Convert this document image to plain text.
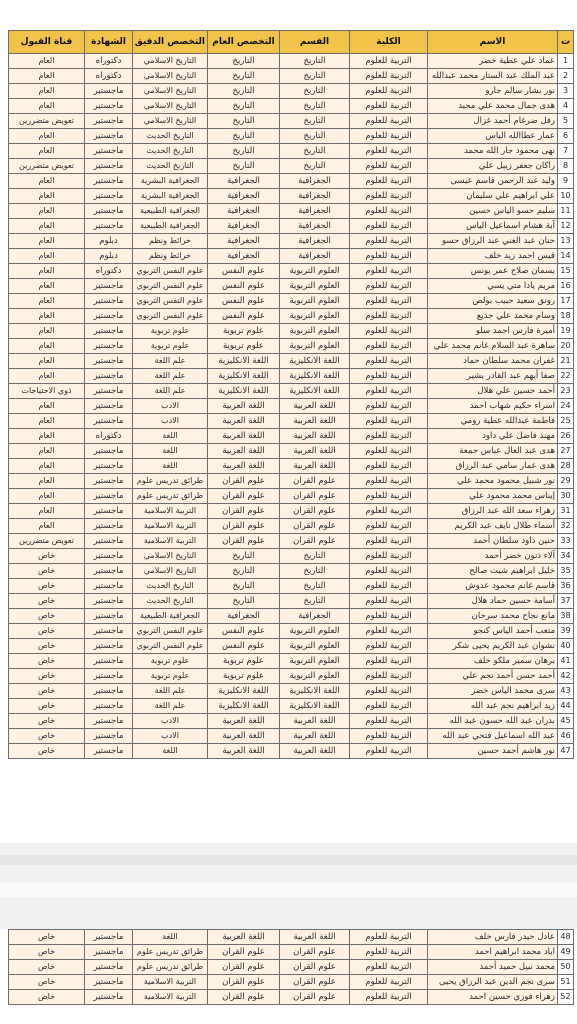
ت	الاسم	الكلية	القسم	التخصص العام	التخصص الدقيق	الشهادة	قناة القبول
1	عماد علي عطية خضر	التربية للعلوم	التاريخ	التاريخ	التاريخ الاسلامي	دكتوراه	العام
2	عبد الملك عبد الستار محمد عبدالله	التربية للعلوم	التاريخ	التاريخ	التاريخ الاسلامي	دكتوراه	العام
3	نور بشار سالم جارو	التربية للعلوم	التاريخ	التاريخ	التاريخ الاسلامي	ماجستير	العام
4	هدى جمال محمد علي مجيد	التربية للعلوم	التاريخ	التاريخ	التاريخ الاسلامي	ماجستير	العام
5	رفل ضرغام أحمد غزال	التربية للعلوم	التاريخ	التاريخ	التاريخ الاسلامي	ماجستير	تعويض متضررين
6	عمار عطاالله الياس	التربية للعلوم	التاريخ	التاريخ	التاريخ الحديث	ماجستير	العام
7	نهى محمود جار الله محمد	التربية للعلوم	التاريخ	التاريخ	التاريخ الحديث	ماجستير	العام
8	راكان جعفر زبيل علي	التربية للعلوم	التاريخ	التاريخ	التاريخ الحديث	ماجستير	تعويض متضررين
9	وليد عبد الرحمن قاسم عيسى	التربية للعلوم	الجغرافية	الجغرافية	الجغرافية البشرية	ماجستير	العام
10	علي ابراهيم علي سليمان	التربية للعلوم	الجغرافية	الجغرافية	الجغرافية البشرية	ماجستير	العام
11	سليم حسو الياس حسين	التربية للعلوم	الجغرافية	الجغرافية	الجغرافية الطبيعية	ماجستير	العام
12	آية هشام اسماعيل الياس	التربية للعلوم	الجغرافية	الجغرافية	الجغرافية الطبيعية	ماجستير	العام
13	حنان عبد الغني عبد الرزاق حسو	التربية للعلوم	الجغرافية	الجغرافية	خرائط ونظم	دبلوم	العام
14	قيس احمد زيد خلف	التربية للعلوم	الجغرافية	الجغرافية	خرائط ونظم	دبلوم	العام
15	بسمان صلاح عمر يونس	التربية للعلوم	العلوم التربوية	علوم النفس	علوم النفس التربوي	دكتوراه	العام
16	مريم يادا متي يسي	التربية للعلوم	العلوم التربوية	علوم النفس	علوم النفس التربوي	ماجستير	العام
17	رونق سعيد حبيب بولص	التربية للعلوم	العلوم التربوية	علوم النفس	علوم النفس التربوي	ماجستير	العام
18	وسام محمد علي جديع	التربية للعلوم	العلوم التربوية	علوم النفس	علوم النفس التربوي	ماجستير	العام
19	أميرة فارس احمد سلو	التربية للعلوم	العلوم التربوية	علوم تربوية	علوم تربوية	ماجستير	العام
20	ساهرة عبد السلام غانم محمد علي	التربية للعلوم	العلوم التربوية	علوم تربوية	علوم تربوية	ماجستير	العام
21	غفران محمد سلطان حماد	التربية للعلوم	اللغة الانكليزية	اللغة الانكليزية	علم اللغة	ماجستير	العام
22	صفا أيهم عبد القادر بشير	التربية للعلوم	اللغة الانكليزية	اللغة الانكليزية	علم اللغة	ماجستير	العام
23	أحمد حسين علي هلال	التربية للعلوم	اللغة الانكليزية	اللغة الانكليزية	علم اللغة	ماجستير	ذوي الاحتياجات
24	اسراء حكيم شهاب احمد	التربية للعلوم	اللغة العربية	اللغة العربية	الادب	ماجستير	العام
25	فاطمة عبدالله عطية رومي	التربية للعلوم	اللغة العربية	اللغة العربية	الادب	ماجستير	العام
26	مهند فاضل علي داود	التربية للعلوم	اللغة العربية	اللغة العربية	اللغة	دكتوراه	العام
27	هدى عبد العال عباس جمعة	التربية للعلوم	اللغة العربية	اللغة العربية	اللغة	ماجستير	العام
28	هدى عمار سامي عبد الرزاق	التربية للعلوم	اللغة العربية	اللغة العربية	اللغة	ماجستير	العام
29	نور شبيل محمود محمد علي	التربية للعلوم	علوم القران	علوم القران	طرائق تدريس علوم	ماجستير	العام
30	إيناس محمد محمود علي	التربية للعلوم	علوم القران	علوم القران	طرائق تدريس علوم	ماجستير	العام
31	زهراء سعد الله عبد الرزاق	التربية للعلوم	علوم القران	علوم القران	التربية الاسلامية	ماجستير	العام
32	أسماء طلال نايف عبد الكريم	التربية للعلوم	علوم القران	علوم القران	التربية الاسلامية	ماجستير	العام
33	حنين داود سلطان أحمد	التربية للعلوم	علوم القران	علوم القران	التربية الاسلامية	ماجستير	تعويض متضررين
34	آلاء ذنون خضر أحمد	التربية للعلوم	التاريخ	التاريخ	التاريخ الاسلامي	ماجستير	خاص
35	خليل ابراهيم شيت صالح	التربية للعلوم	التاريخ	التاريخ	التاريخ الاسلامي	ماجستير	خاص
36	قاسم غانم محمود عدوش	التربية للعلوم	التاريخ	التاريخ	التاريخ الحديث	ماجستير	خاص
37	أسامة حسين حماد هلال	التربية للعلوم	التاريخ	التاريخ	التاريخ الحديث	ماجستير	خاص
38	مانع نجاح محمد سرحان	التربية للعلوم	الجغرافية	الجغرافية	الجغرافية الطبيعية	ماجستير	خاص
39	متعب أحمد الياس كنجو	التربية للعلوم	العلوم التربوية	علوم النفس	علوم النفس التربوي	ماجستير	خاص
40	نشوان عبد الكريم يحيى شكر	التربية للعلوم	العلوم التربوية	علوم النفس	علوم النفس التربوي	ماجستير	خاص
41	برهان سمير ملكو خلف	التربية للعلوم	العلوم التربوية	علوم تربوية	علوم تربوية	ماجستير	خاص
42	أحمد حسن أحمد نجم علي	التربية للعلوم	العلوم التربوية	علوم تربوية	علوم تربوية	ماجستير	خاص
43	سرى محمد الياس خضر	التربية للعلوم	اللغة الانكليزية	اللغة الانكليزية	علم اللغة	ماجستير	خاص
44	زيد ابراهيم نجم عبد الله	التربية للعلوم	اللغة الانكليزية	اللغة الانكليزية	علم اللغة	ماجستير	خاص
45	بدران عبد الله حسون عبد الله	التربية للعلوم	اللغة العربية	اللغة العربية	الادب	ماجستير	خاص
46	عبد الله اسماعيل فتحي عبد الله	التربية للعلوم	اللغة العربية	اللغة العربية	الادب	ماجستير	خاص
47	نور هاشم أحمد حسين	التربية للعلوم	اللغة العربية	اللغة العربية	اللغة	ماجستير	خاص
48	عادل حيدر فارس خلف	التربية للعلوم	اللغة العربية	اللغة العربية	اللغة	ماجستير	خاص
49	اياد محمد ابراهيم احمد	التربية للعلوم	علوم القران	علوم القران	طرائق تدريس علوم	ماجستير	خاص
50	محمد نبيل حميد أحمد	التربية للعلوم	علوم القران	علوم القران	طرائق تدريس علوم	ماجستير	خاص
51	سرى نجم الدين عبد الرزاق يحيى	التربية للعلوم	علوم القران	علوم القران	التربية الاسلامية	ماجستير	خاص
52	زهراء فوزي حسين احمد	التربية للعلوم	علوم القران	علوم القران	التربية الاسلامية	ماجستير	خاص
